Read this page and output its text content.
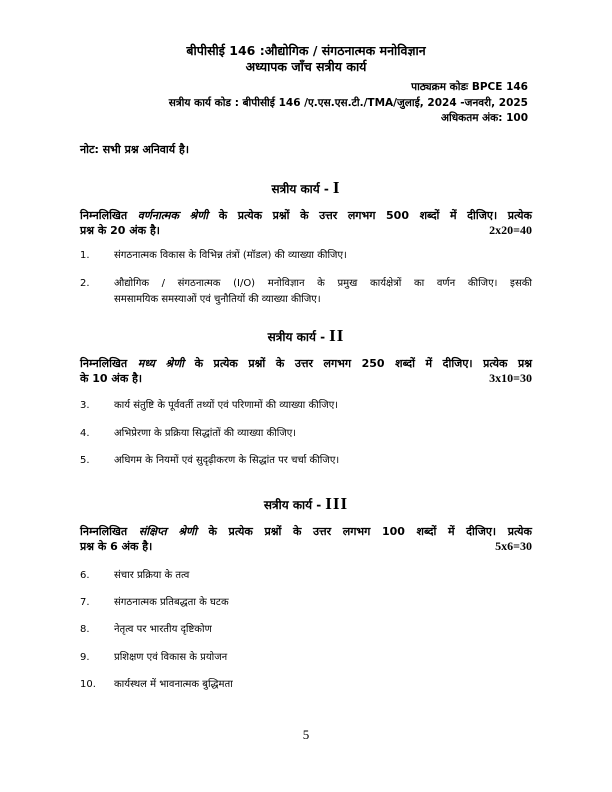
बीपीसीई 146 :औद्योगिक / संगठनात्मक मनोविज्ञान
अध्यापक जाँच सत्रीय कार्य
पाठ्यक्रम कोडः BPCE 146
सत्रीय कार्य कोड : बीपीसीई 146 /ए.एस.एस.टी./TMA/जुलाई, 2024 -जनवरी, 2025
अधिकतम अंक: 100
नोट: सभी प्रश्न अनिवार्य है।
सत्रीय कार्य - I
निम्नलिखित वर्णनात्मक श्रेणी के प्रत्येक प्रश्नों के उत्तर लगभग 500 शब्दों में दीजिए। प्रत्येक
प्रश्न के 20 अंक है।	2x20=40
1.	संगठनात्मक विकास के विभिन्न तंत्रों (मॉडल) की व्याख्या कीजिए।
2.	औद्योगिक / संगठनात्मक (I/O) मनोविज्ञान के प्रमुख कार्यक्षेत्रों का वर्णन कीजिए। इसकी
समसामयिक समस्याओं एवं चुनौतियों की व्याख्या कीजिए।
सत्रीय कार्य - II
निम्नलिखित मध्य श्रेणी के प्रत्येक प्रश्नों के उत्तर लगभग 250 शब्दों में दीजिए। प्रत्येक प्रश्न
के 10 अंक है।	3x10=30
3.	कार्य संतुष्टि के पूर्ववर्ती तथ्यों एवं परिणामों की व्याख्या कीजिए।
4.	अभिप्रेरणा के प्रक्रिया सिद्धांतों की व्याख्या कीजिए।
5.	अधिगम के नियमों एवं सुदृढ़ीकरण के सिद्धांत पर चर्चा कीजिए।
सत्रीय कार्य - III
निम्नलिखित संक्षिप्त श्रेणी के प्रत्येक प्रश्नों के उत्तर लगभग 100 शब्दों में दीजिए। प्रत्येक
प्रश्न के 6 अंक है।	5x6=30
6.	संचार प्रक्रिया के तत्व
7.	संगठनात्मक प्रतिबद्धता के घटक
8.	नेतृत्व पर भारतीय दृष्टिकोण
9.	प्रशिक्षण एवं विकास के प्रयोजन
10.	कार्यस्थल में भावनात्मक बुद्धिमता
5
